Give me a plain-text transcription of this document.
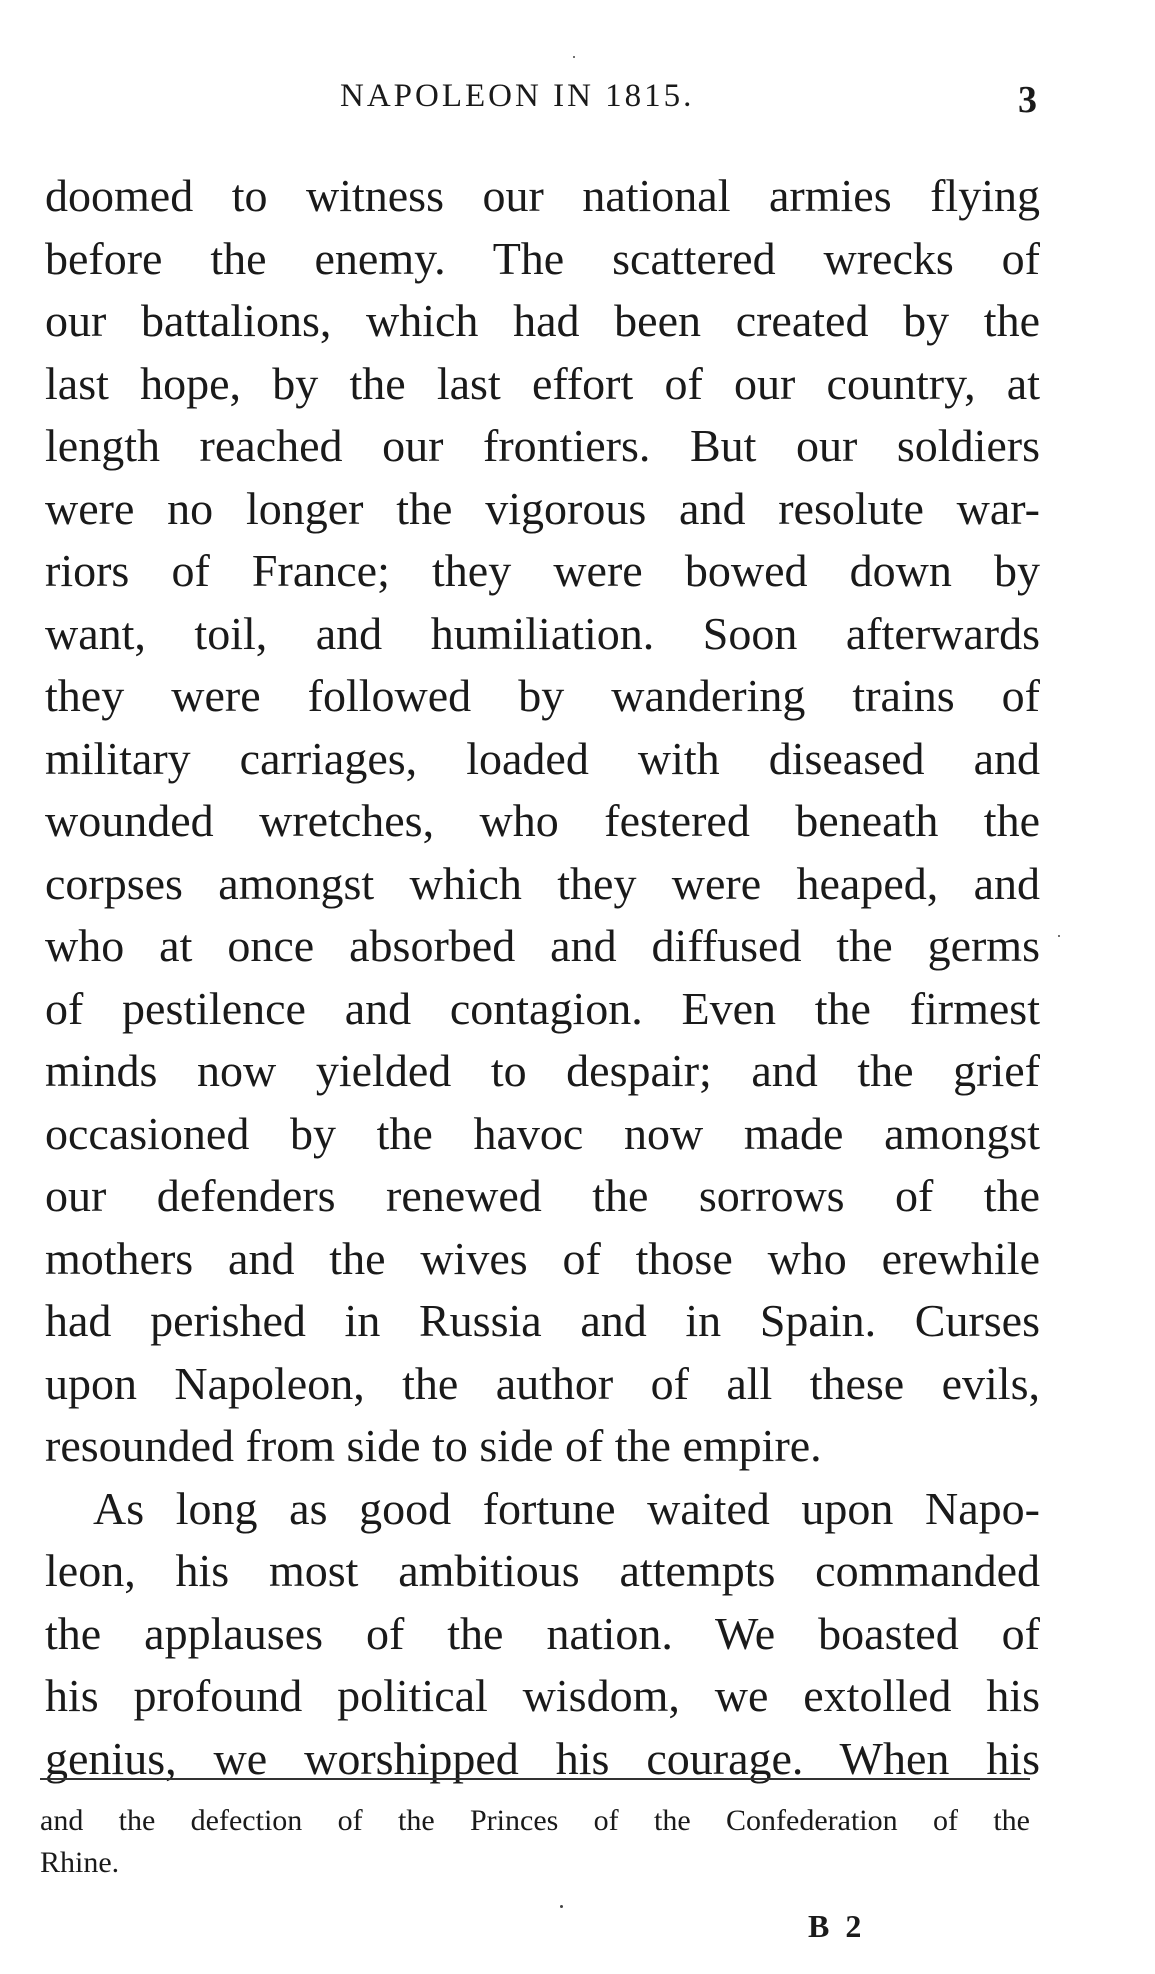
NAPOLEON IN 1815.	3
doomed to witness our national armies flying
before the enemy. The scattered wrecks of
our battalions, which had been created by the
last hope, by the last effort of our country, at
length reached our frontiers. But our soldiers
were no longer the vigorous and resolute war-
riors of France; they were bowed down by
want, toil, and humiliation. Soon afterwards
they were followed by wandering trains of
military carriages, loaded with diseased and
wounded wretches, who festered beneath the
corpses amongst which they were heaped, and
who at once absorbed and diffused the germs
of pestilence and contagion. Even the firmest
minds now yielded to despair; and the grief
occasioned by the havoc now made amongst
our defenders renewed the sorrows of the
mothers and the wives of those who erewhile
had perished in Russia and in Spain. Curses
upon Napoleon, the author of all these evils,
resounded from side to side of the empire.
As long as good fortune waited upon Napo-
leon, his most ambitious attempts commanded
the applauses of the nation. We boasted of
his profound political wisdom, we extolled his
genius, we worshipped his courage. When his
and the defection of the Princes of the Confederation of the
Rhine.
B 2
